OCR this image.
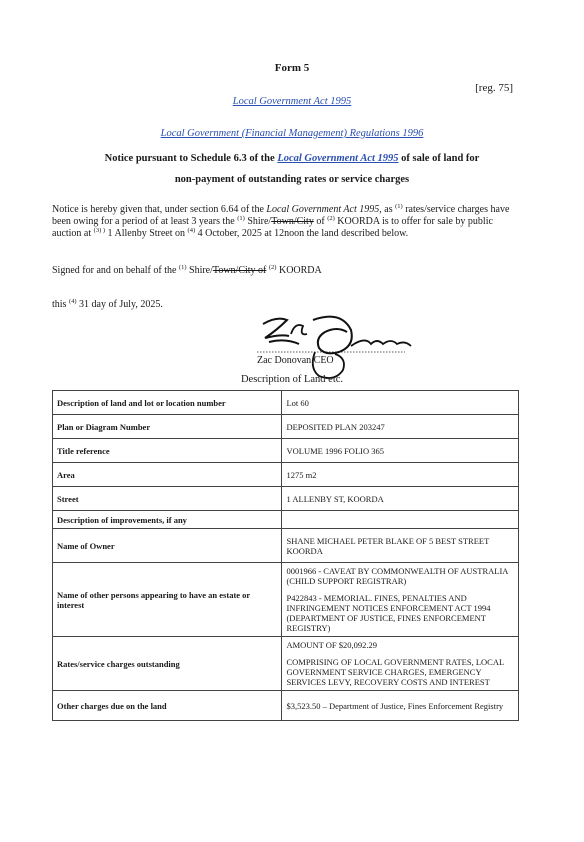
Form 5
[reg. 75]
Local Government Act 1995
Local Government (Financial Management) Regulations 1996
Notice pursuant to Schedule 6.3 of the Local Government Act 1995 of sale of land for
non-payment of outstanding rates or service charges
Notice is hereby given that, under section 6.64 of the Local Government Act 1995, as $^{(1)}$ rates/service charges have been owing for a period of at least 3 years the $^{(1)}$ Shire/Town/City of $^{(2)}$ KOORDA is to offer for sale by public auction at $^{(3) )}$ 1 Allenby Street on $^{(4)}$ 4 October, 2025 at 12noon the land described below.
Signed for and on behalf of the $^{(1)}$ Shire/Town/City of $^{(2)}$ KOORDA
this $^{(4)}$ 31 day of July, 2025.
Zac Donovan CEO
Description of Land etc.
Description of land and lot or location number	Lot 60
Plan or Diagram Number	DEPOSITED PLAN 203247
Title reference	VOLUME 1996 FOLIO 365
Area	1275 m2
Street	1 ALLENBY ST, KOORDA
Description of improvements, if any	
Name of Owner	SHANE MICHAEL PETER BLAKE OF 5 BEST STREET KOORDA
Name of other persons appearing to have an estate or interest	0001966 - CAVEAT BY COMMONWEALTH OF AUSTRALIA (CHILD SUPPORT REGISTRAR)
P422843 - MEMORIAL. FINES, PENALTIES AND INFRINGEMENT NOTICES ENFORCEMENT ACT 1994 (DEPARTMENT OF JUSTICE, FINES ENFORCEMENT REGISTRY)

Rates/service charges outstanding	AMOUNT OF $20,092.29
COMPRISING OF LOCAL GOVERNMENT RATES, LOCAL GOVERNMENT SERVICE CHARGES, EMERGENCY SERVICES LEVY, RECOVERY COSTS AND INTEREST

Other charges due on the land	$3,523.50 – Department of Justice, Fines Enforcement Registry
